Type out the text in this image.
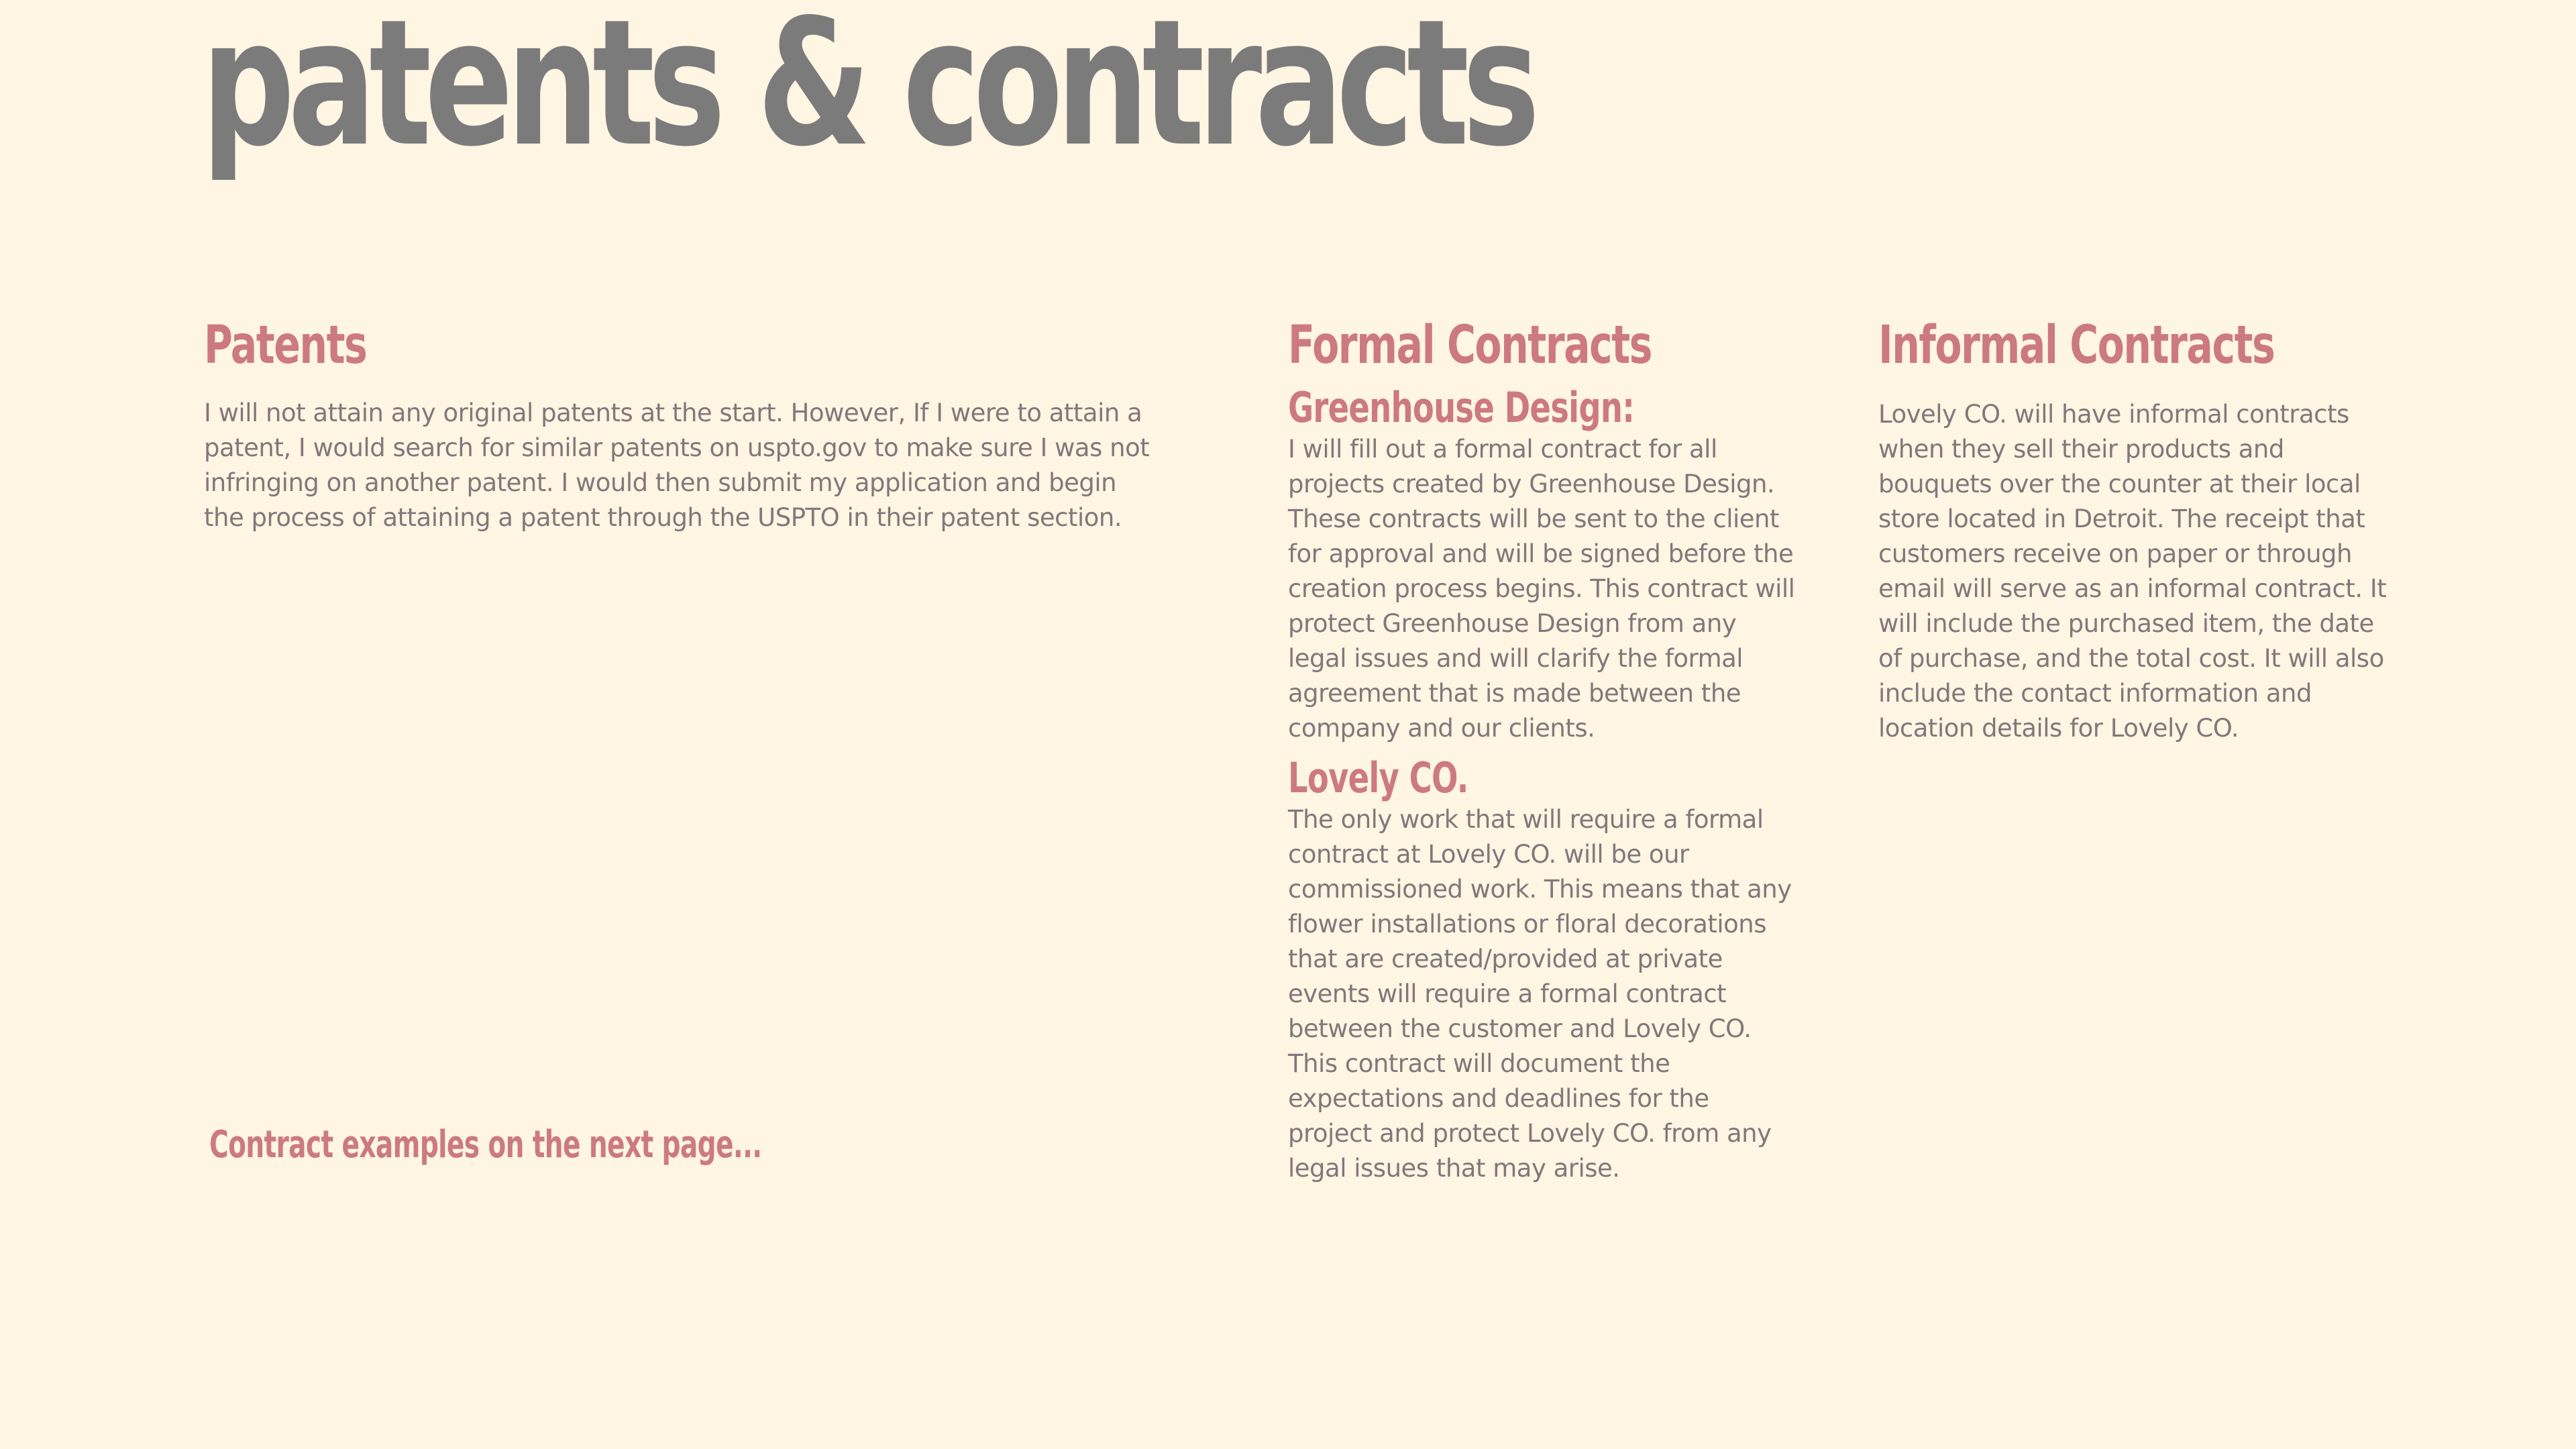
patents & contracts
Patents

I will not attain any original patents at the start. However, If I were to attain a patent, I would search for similar patents on uspto.gov to make sure I was not infringing on another patent. I would then submit my application and begin the process of attaining a patent through the USPTO in their patent section.

Formal Contracts
Greenhouse Design:

I will fill out a formal contract for all projects created by Greenhouse Design. These contracts will be sent to the client for approval and will be signed before the creation process begins. This contract will protect Greenhouse Design from any legal issues and will clarify the formal agreement that is made between the company and our clients.

Lovely CO.

The only work that will require a formal contract at Lovely CO. will be our commissioned work. This means that any flower installations or floral decorations that are created/provided at private events will require a formal contract between the customer and Lovely CO. This contract will document the expectations and deadlines for the project and protect Lovely CO. from any legal issues that may arise.

Informal Contracts

Lovely CO. will have informal contracts when they sell their products and bouquets over the counter at their local store located in Detroit. The receipt that customers receive on paper or through email will serve as an informal contract. It will include the purchased item, the date of purchase, and the total cost. It will also include the contact information and location details for Lovely CO.

Contract examples on the next page...
